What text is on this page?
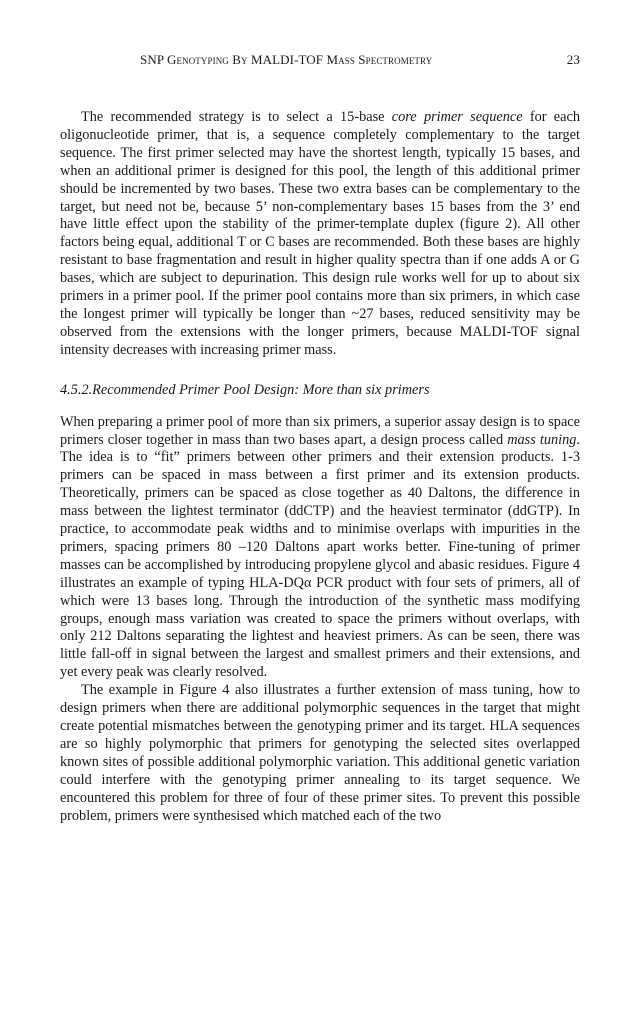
SNP Genotyping By MALDI-TOF Mass Spectrometry	23

The recommended strategy is to select a 15-base core primer sequence for each oligonucleotide primer, that is, a sequence completely complementary to the target sequence. The first primer selected may have the shortest length, typically 15 bases, and when an additional primer is designed for this pool, the length of this additional primer should be incremented by two bases. These two extra bases can be complementary to the target, but need not be, because 5’ non-complementary bases 15 bases from the 3’ end have little effect upon the stability of the primer-template duplex (figure 2). All other factors being equal, additional T or C bases are recommended. Both these bases are highly resistant to base fragmentation and result in higher quality spectra than if one adds A or G bases, which are subject to depurination. This design rule works well for up to about six primers in a primer pool. If the primer pool contains more than six primers, in which case the longest primer will typically be longer than ~27 bases, reduced sensitivity may be observed from the extensions with the longer primers, because MALDI-TOF signal intensity decreases with increasing primer mass.

4.5.2.Recommended Primer Pool Design: More than six primers

When preparing a primer pool of more than six primers, a superior assay design is to space primers closer together in mass than two bases apart, a design process called mass tuning. The idea is to “fit” primers between other primers and their extension products. 1-3 primers can be spaced in mass between a first primer and its extension products. Theoretically, primers can be spaced as close together as 40 Daltons, the difference in mass between the lightest terminator (ddCTP) and the heaviest terminator (ddGTP). In practice, to accommodate peak widths and to minimise overlaps with impurities in the primers, spacing primers 80 –120 Daltons apart works better. Fine-tuning of primer masses can be accomplished by introducing propylene glycol and abasic residues. Figure 4 illustrates an example of typing HLA-DQα PCR product with four sets of primers, all of which were 13 bases long. Through the introduction of the synthetic mass modifying groups, enough mass variation was created to space the primers without overlaps, with only 212 Daltons separating the lightest and heaviest primers. As can be seen, there was little fall-off in signal between the largest and smallest primers and their extensions, and yet every peak was clearly resolved.

The example in Figure 4 also illustrates a further extension of mass tuning, how to design primers when there are additional polymorphic sequences in the target that might create potential mismatches between the genotyping primer and its target. HLA sequences are so highly polymorphic that primers for genotyping the selected sites overlapped known sites of possible additional polymorphic variation. This additional genetic variation could interfere with the genotyping primer annealing to its target sequence. We encountered this problem for three of four of these primer sites. To prevent this possible problem, primers were synthesised which matched each of the two
